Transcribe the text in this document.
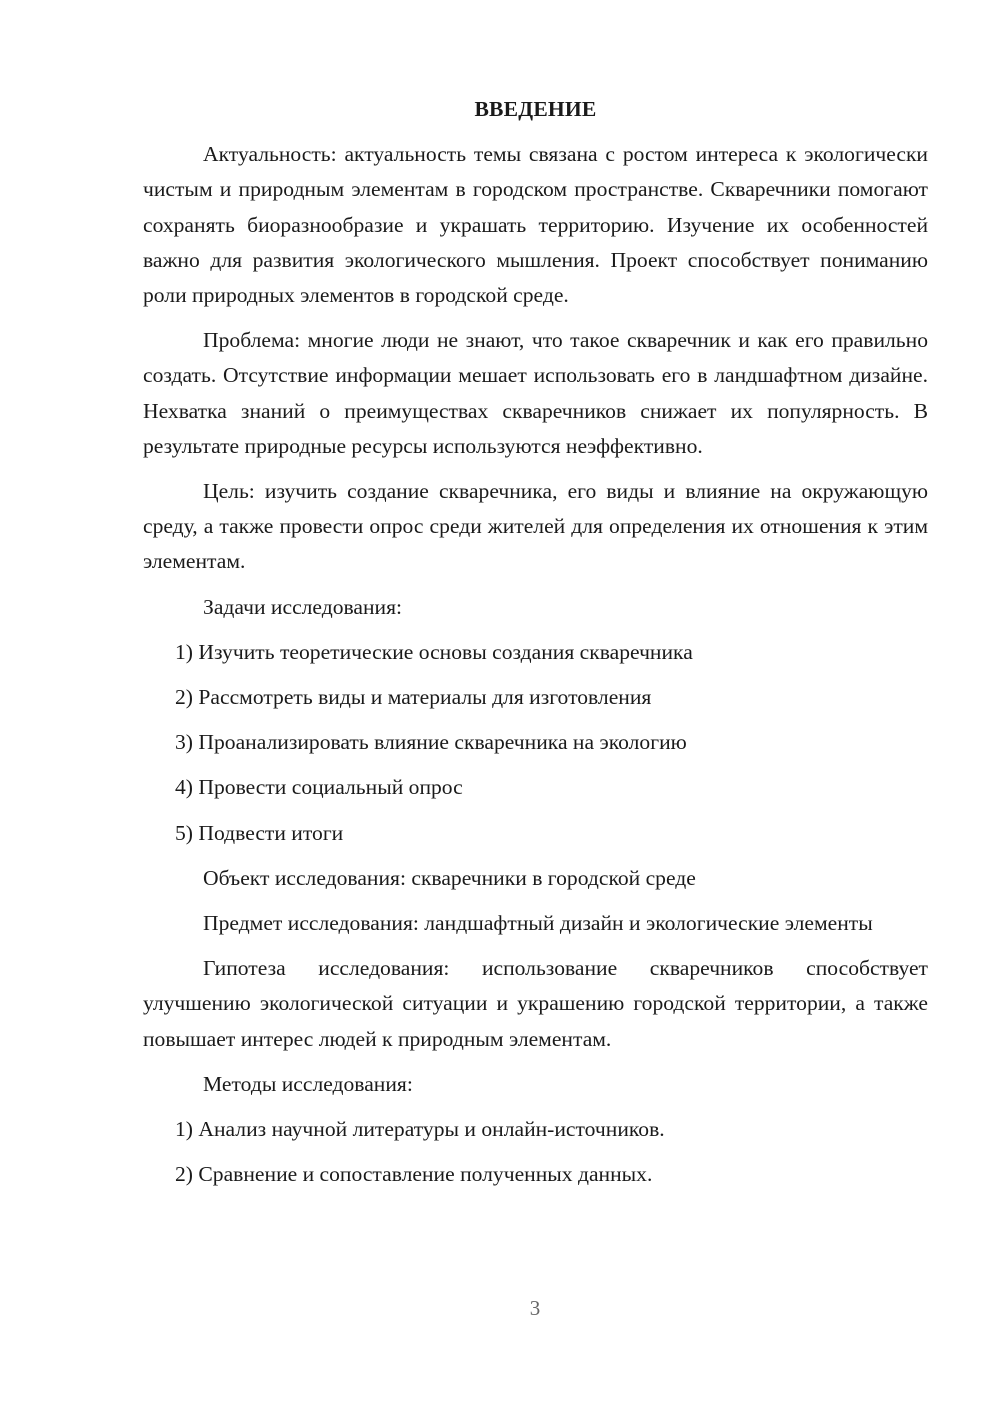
ВВЕДЕНИЕ

Актуальность: актуальность темы связана с ростом интереса к экологически чистым и природным элементам в городском пространстве. Скваречники помогают сохранять биоразнообразие и украшать территорию. Изучение их особенностей важно для развития экологического мышления. Проект способствует пониманию роли природных элементов в городской среде.

Проблема: многие люди не знают, что такое скваречник и как его правильно создать. Отсутствие информации мешает использовать его в ландшафтном дизайне. Нехватка знаний о преимуществах скваречников снижает их популярность. В результате природные ресурсы используются неэффективно.

Цель: изучить создание скваречника, его виды и влияние на окружающую среду, а также провести опрос среди жителей для определения их отношения к этим элементам.

Задачи исследования:

1) Изучить теоретические основы создания скваречника
2) Рассмотреть виды и материалы для изготовления
3) Проанализировать влияние скваречника на экологию
4) Провести социальный опрос
5) Подвести итоги

Объект исследования: скваречники в городской среде

Предмет исследования: ландшафтный дизайн и экологические элементы

Гипотеза исследования: использование скваречников способствует улучшению экологической ситуации и украшению городской территории, а также повышает интерес людей к природным элементам.

Методы исследования:

1) Анализ научной литературы и онлайн-источников.
2) Сравнение и сопоставление полученных данных.
3
